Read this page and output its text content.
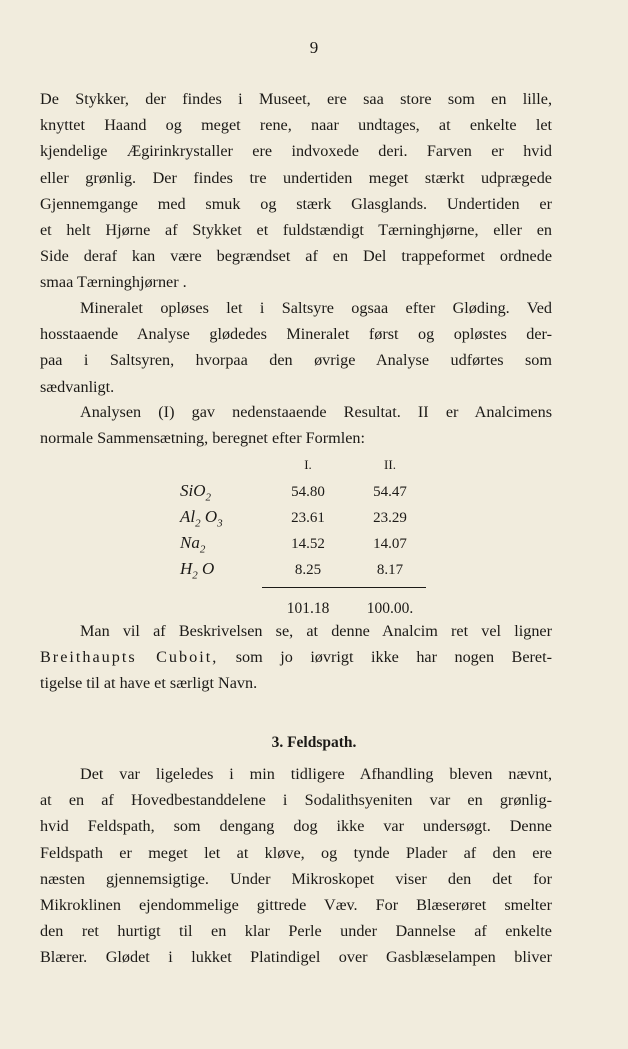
9

De Stykker, der findes i Museet, ere saa store som en lille,
knyttet Haand og meget rene, naar undtages, at enkelte let
kjendelige Ægirinkrystaller ere indvoxede deri. Farven er hvid
eller grønlig. Der findes tre undertiden meget stærkt udprægede
Gjennemgange med smuk og stærk Glasglands. Undertiden er
et helt Hjørne af Stykket et fuldstændigt Tærninghjørne, eller en
Side deraf kan være begrændset af en Del trappeformet ordnede
smaa Tærninghjørner .

Mineralet opløses let i Saltsyre ogsaa efter Gløding. Ved
hosstaaende Analyse glødedes Mineralet først og opløstes der-
paa i Saltsyren, hvorpaa den øvrige Analyse udførtes som
sædvanligt.

Analysen (I) gav nedenstaaende Resultat. II er Analcimens
normale Sammensætning, beregnet efter Formlen:

	I.	II.
SiO$_2$	54.80	54.47
$Al_2$ $O_3$	23.61	23.29
$Na_2$	14.52	14.07
$H_2$ O	8.25	8.17
	101.18	100.00.

Man vil af Beskrivelsen se, at denne Analcim ret vel ligner
Breithaupts Cuboit, som jo iøvrigt ikke har nogen Beret-
tigelse til at have et særligt Navn.

3. Feldspath.

Det var ligeledes i min tidligere Afhandling bleven nævnt,
at en af Hovedbestanddelene i Sodalithsyeniten var en grønlig-
hvid Feldspath, som dengang dog ikke var undersøgt. Denne
Feldspath er meget let at kløve, og tynde Plader af den ere
næsten gjennemsigtige. Under Mikroskopet viser den det for
Mikroklinen ejendommelige gittrede Væv. For Blæserøret smelter
den ret hurtigt til en klar Perle under Dannelse af enkelte
Blærer. Glødet i lukket Platindigel over Gasblæselampen bliver
